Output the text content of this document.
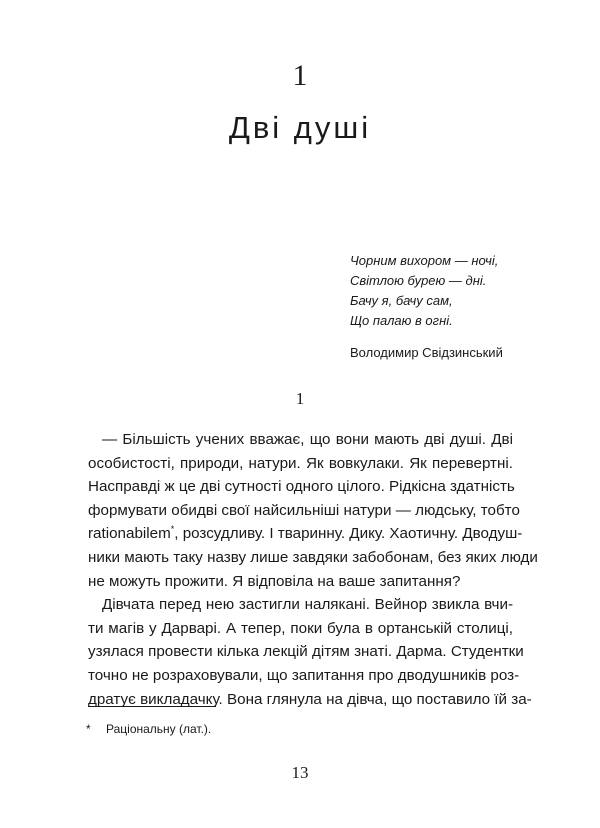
1
Дві душі
Чорним вихором — ночі,
Світлою бурею — дні.
Бачу я, бачу сам,
Що палаю в огні.
Володимир Свідзинський
1
— Більшість учених вважає, що вони мають дві душі. Дві
особистості, природи, натури. Як вовкулаки. Як перевертні.
Насправді ж це дві сутності одного цілого. Рідкісна здатність
формувати обидві свої найсильніші натури — людську, тобто
rationabilem*, розсудливу. І тваринну. Дику. Хаотичну. Дводуш-
ники мають таку назву лише завдяки забобонам, без яких люди
не можуть прожити. Я відповіла на ваше запитання?
Дівчата перед нею застигли налякані. Вейнор звикла вчи-
ти магів у Дарварі. А тепер, поки була в ортанській столиці,
узялася провести кілька лекцій дітям знаті. Дарма. Студентки
точно не розраховували, що запитання про дводушників роз-
дратує викладачку. Вона глянула на дівча, що поставило їй за-
* Раціональну (лат.).
13
